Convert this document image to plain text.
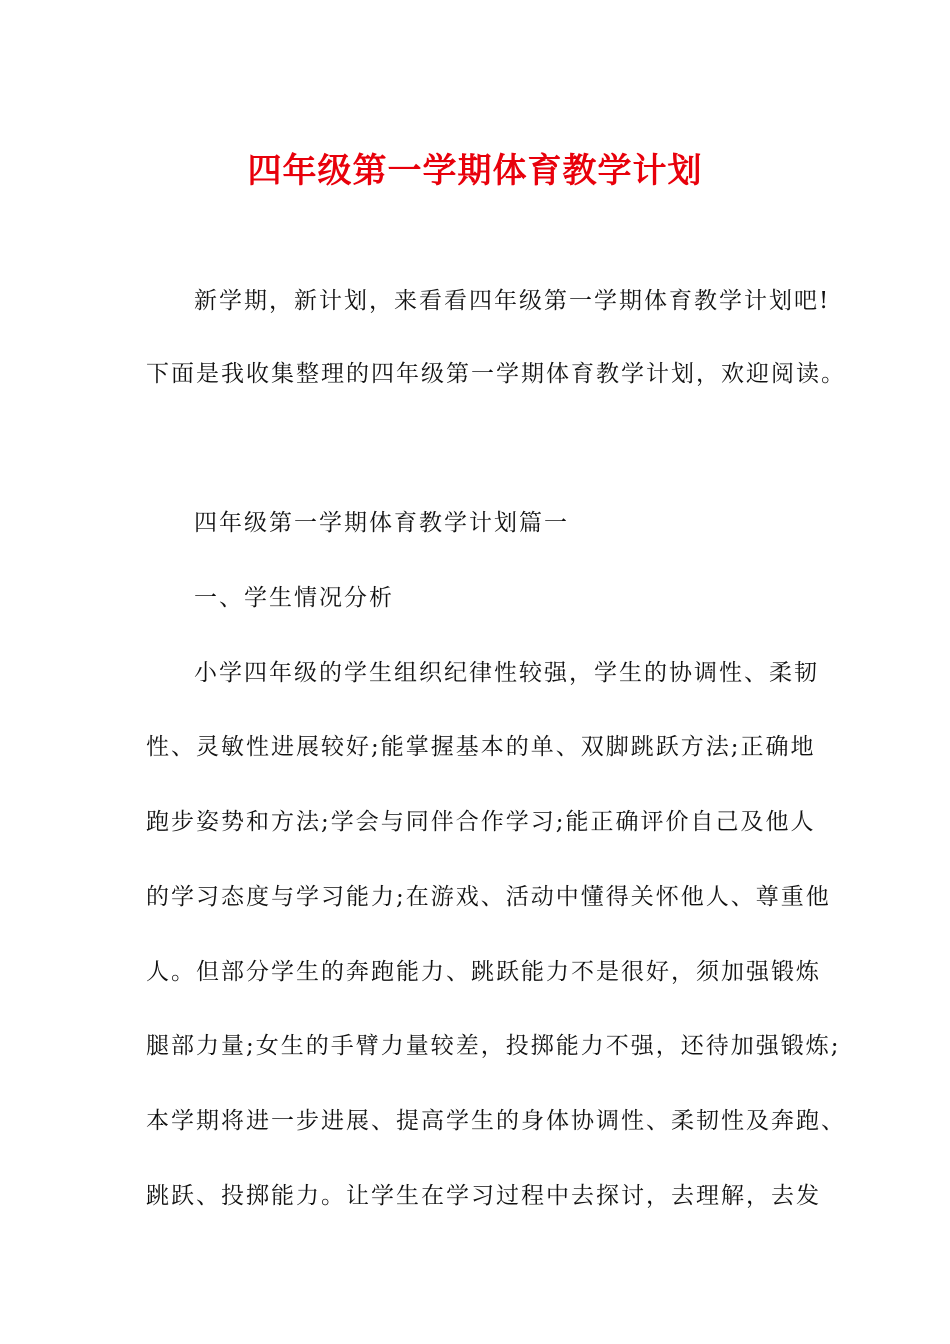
四年级第一学期体育教学计划

新学期，新计划，来看看四年级第一学期体育教学计划吧!

下面是我收集整理的四年级第一学期体育教学计划，欢迎阅读。

四年级第一学期体育教学计划篇一

一、学生情况分析

小学四年级的学生组织纪律性较强，学生的协调性、柔韧

性、灵敏性进展较好;能掌握基本的单、双脚跳跃方法;正确地

跑步姿势和方法;学会与同伴合作学习;能正确评价自己及他人

的学习态度与学习能力;在游戏、活动中懂得关怀他人、尊重他

人。但部分学生的奔跑能力、跳跃能力不是很好，须加强锻炼

腿部力量;女生的手臂力量较差，投掷能力不强，还待加强锻炼;

本学期将进一步进展、提高学生的身体协调性、柔韧性及奔跑、

跳跃、投掷能力。让学生在学习过程中去探讨，去理解，去发
